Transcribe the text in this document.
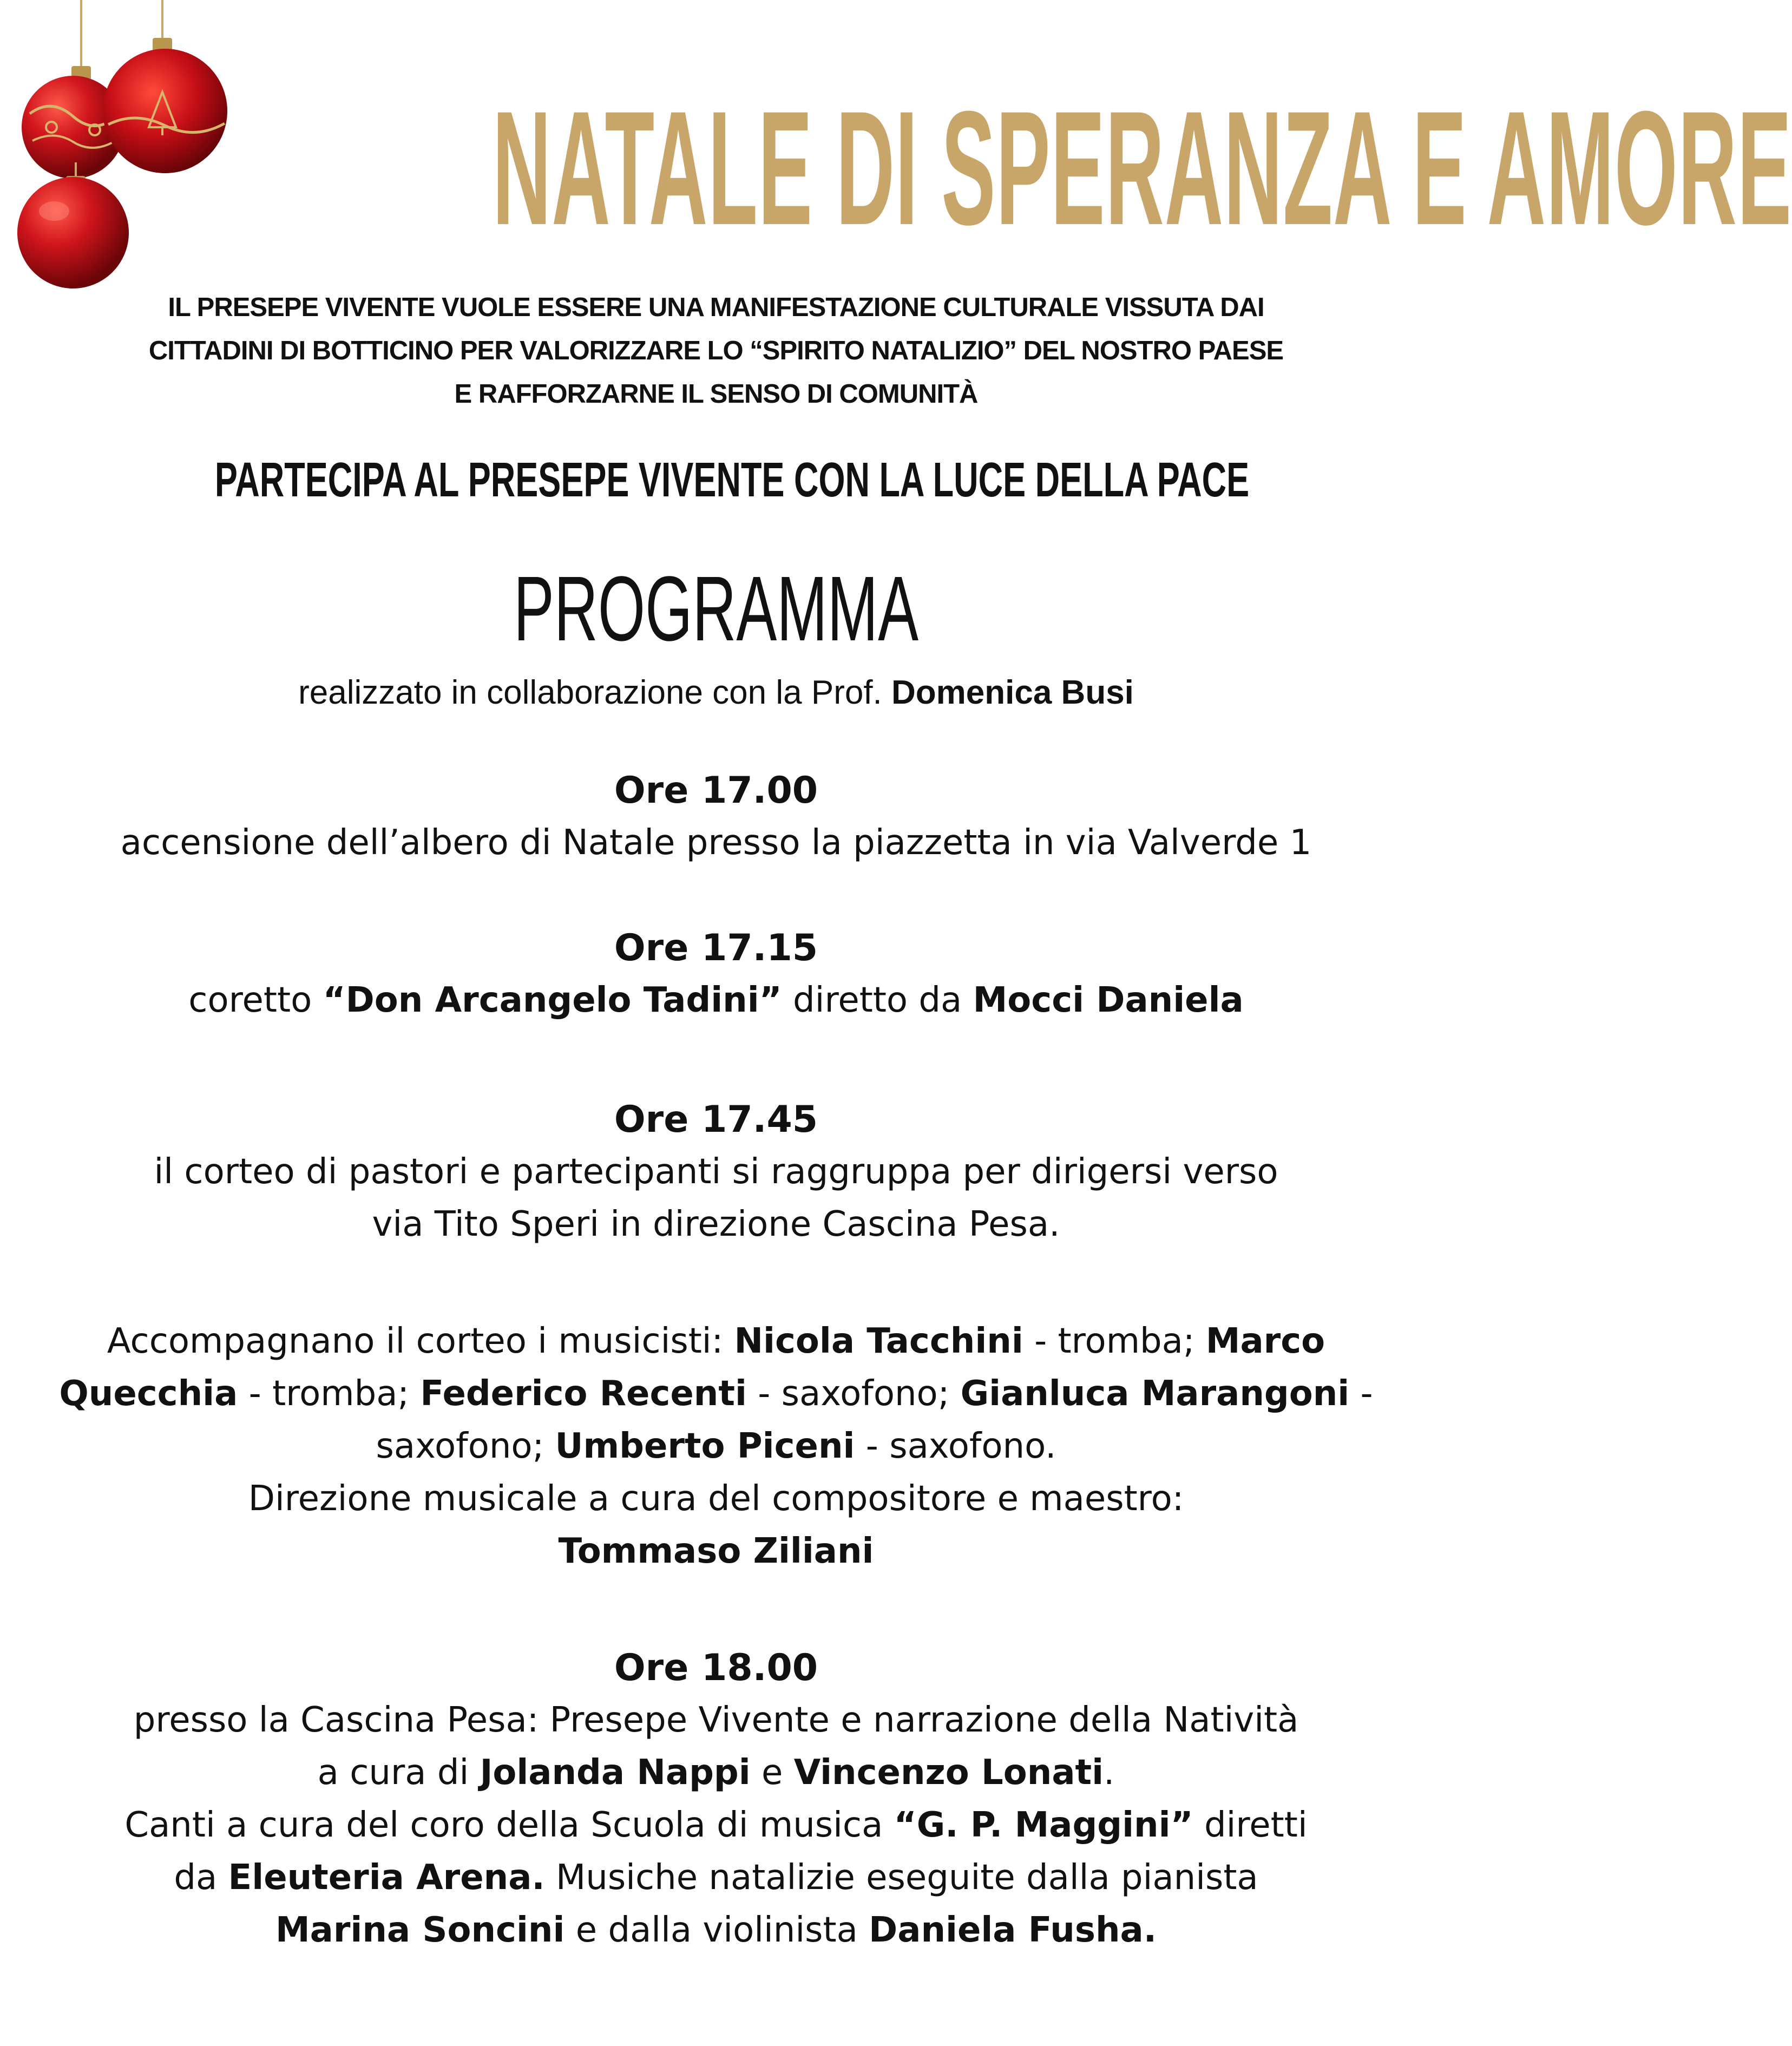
NATALE DI SPERANZA E AMORE
IL PRESEPE VIVENTE VUOLE ESSERE UNA MANIFESTAZIONE CULTURALE VISSUTA DAI
CITTADINI DI BOTTICINO PER VALORIZZARE LO “SPIRITO NATALIZIO” DEL NOSTRO PAESE
E RAFFORZARNE IL SENSO DI COMUNITÀ
PARTECIPA AL PRESEPE VIVENTE CON LA LUCE DELLA PACE
PROGRAMMA
realizzato in collaborazione con la Prof. Domenica Busi
Ore 17.00
accensione dell’albero di Natale presso la piazzetta in via Valverde 1
Ore 17.15
coretto “Don Arcangelo Tadini” diretto da Mocci Daniela
Ore 17.45
il corteo di pastori e partecipanti si raggruppa per dirigersi verso
via Tito Speri in direzione Cascina Pesa.
Accompagnano il corteo i musicisti: Nicola Tacchini - tromba; Marco
Quecchia - tromba; Federico Recenti - saxofono; Gianluca Marangoni -
saxofono; Umberto Piceni - saxofono.
Direzione musicale a cura del compositore e maestro:
Tommaso Ziliani
Ore 18.00
presso la Cascina Pesa: Presepe Vivente e narrazione della Natività
a cura di Jolanda Nappi e Vincenzo Lonati.
Canti a cura del coro della Scuola di musica “G. P. Maggini” diretti
da Eleuteria Arena. Musiche natalizie eseguite dalla pianista
Marina Soncini e dalla violinista Daniela Fusha.
